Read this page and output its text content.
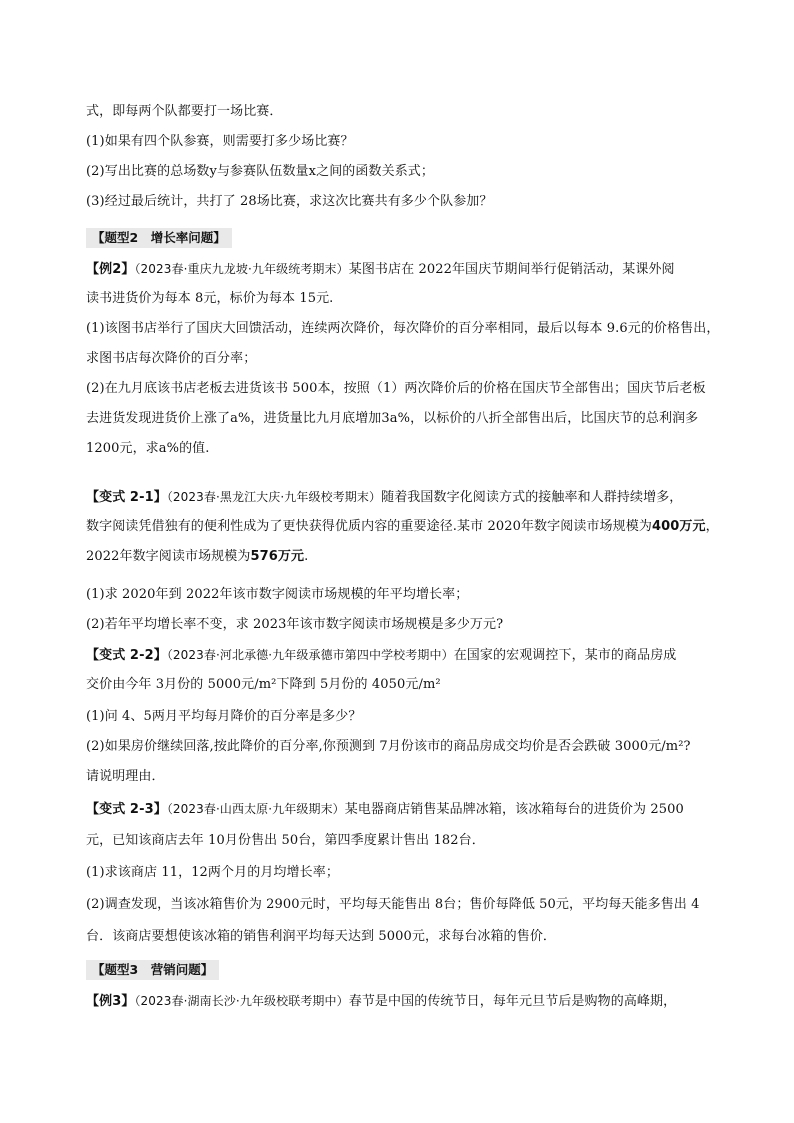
式，即每两个队都要打一场比赛．
(1)如果有四个队参赛，则需要打多少场比赛？
(2)写出比赛的总场数y与参赛队伍数量x之间的函数关系式；
(3)经过最后统计，共打了 28场比赛，求这次比赛共有多少个队参加？
【题型2　增长率问题】
【例2】（2023春·重庆九龙坡·九年级统考期末）某图书店在 2022年国庆节期间举行促销活动，某课外阅
读书进货价为每本 8元，标价为每本 15元.
(1)该图书店举行了国庆大回馈活动，连续两次降价，每次降价的百分率相同，最后以每本 9.6元的价格售出，
求图书店每次降价的百分率；
(2)在九月底该书店老板去进货该书 500本，按照（1）两次降价后的价格在国庆节全部售出；国庆节后老板
去进货发现进货价上涨了a%，进货量比九月底增加3a%，以标价的八折全部售出后，比国庆节的总利润多
1200元，求a%的值.
【变式 2-1】（2023春·黑龙江大庆·九年级校考期末）随着我国数字化阅读方式的接触率和人群持续增多，
数字阅读凭借独有的便利性成为了更快获得优质内容的重要途径.某市 2020年数字阅读市场规模为400万元，
2022年数字阅读市场规模为576万元.
(1)求 2020年到 2022年该市数字阅读市场规模的年平均增长率；
(2)若年平均增长率不变，求 2023年该市数字阅读市场规模是多少万元?
【变式 2-2】（2023春·河北承德·九年级承德市第四中学校考期中）在国家的宏观调控下，某市的商品房成
交价由今年 3月份的 5000元/m²下降到 5月份的 4050元/m²
(1)问 4、5两月平均每月降价的百分率是多少？
(2)如果房价继续回落,按此降价的百分率,你预测到 7月份该市的商品房成交均价是否会跌破 3000元/m²?
请说明理由．
【变式 2-3】（2023春·山西太原·九年级期末）某电器商店销售某品牌冰箱，该冰箱每台的进货价为 2500
元，已知该商店去年 10月份售出 50台，第四季度累计售出 182台．
(1)求该商店 11，12两个月的月均增长率；
(2)调查发现，当该冰箱售价为 2900元时，平均每天能售出 8台；售价每降低 50元，平均每天能多售出 4
台．该商店要想使该冰箱的销售利润平均每天达到 5000元，求每台冰箱的售价．
【题型3　营销问题】
【例3】（2023春·湖南长沙·九年级校联考期中）春节是中国的传统节日，每年元旦节后是购物的高峰期，
